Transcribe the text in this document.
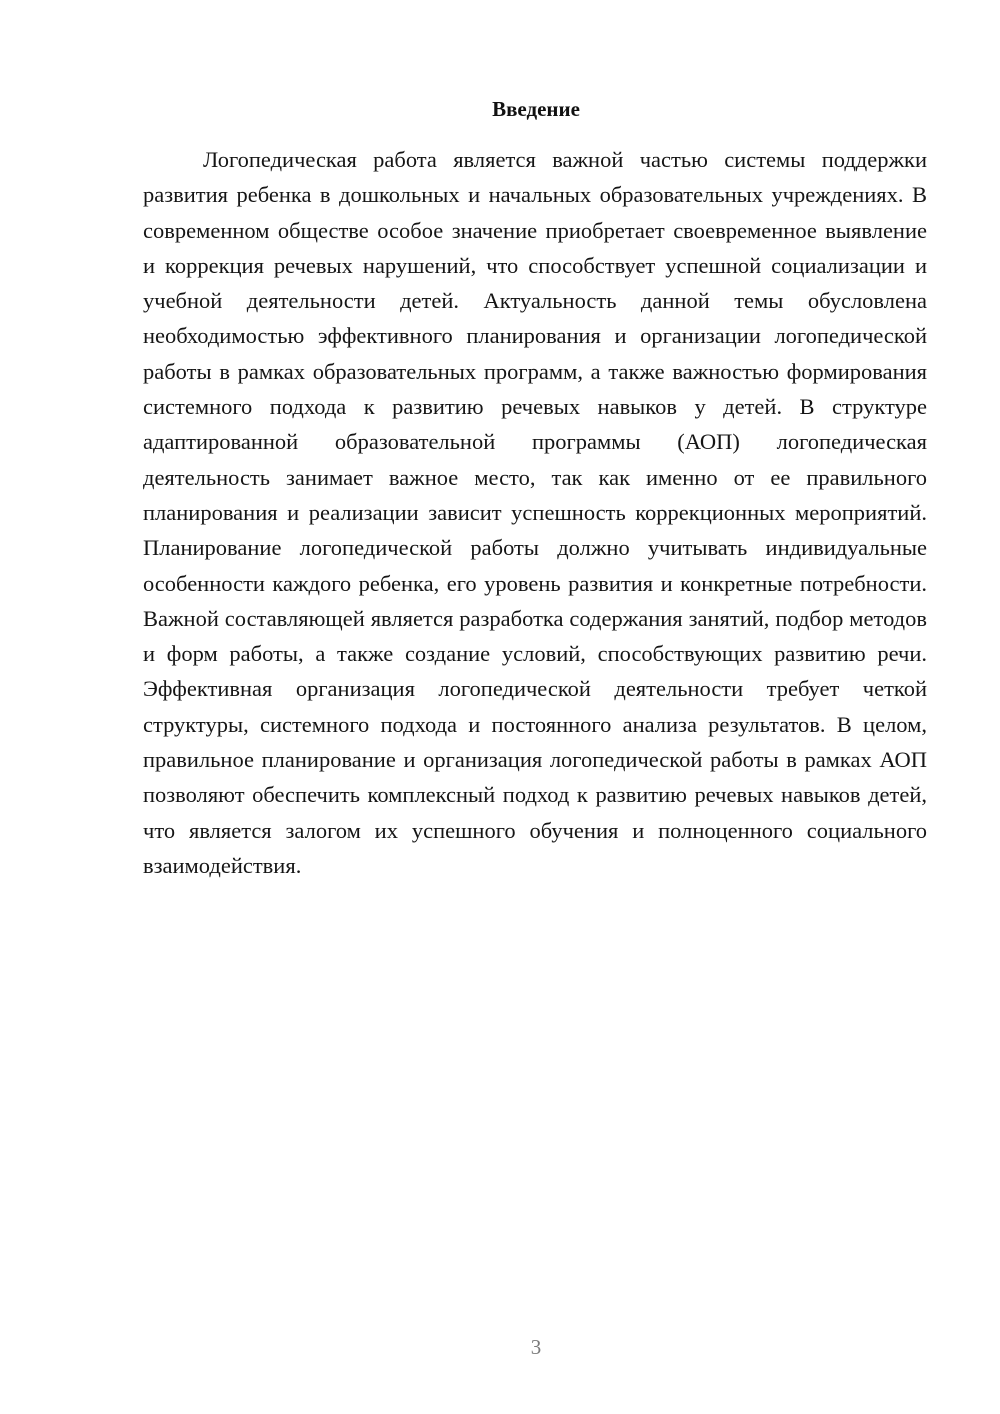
Введение

Логопедическая работа является важной частью системы поддержки развития ребенка в дошкольных и начальных образовательных учреждениях. В современном обществе особое значение приобретает своевременное выявление и коррекция речевых нарушений, что способствует успешной социализации и учебной деятельности детей. Актуальность данной темы обусловлена необходимостью эффективного планирования и организации логопедической работы в рамках образовательных программ, а также важностью формирования системного подхода к развитию речевых навыков у детей. В структуре адаптированной образовательной программы (АОП) логопедическая деятельность занимает важное место, так как именно от ее правильного планирования и реализации зависит успешность коррекционных мероприятий. Планирование логопедической работы должно учитывать индивидуальные особенности каждого ребенка, его уровень развития и конкретные потребности. Важной составляющей является разработка содержания занятий, подбор методов и форм работы, а также создание условий, способствующих развитию речи. Эффективная организация логопедической деятельности требует четкой структуры, системного подхода и постоянного анализа результатов. В целом, правильное планирование и организация логопедической работы в рамках АОП позволяют обеспечить комплексный подход к развитию речевых навыков детей, что является залогом их успешного обучения и полноценного социального взаимодействия.

3
